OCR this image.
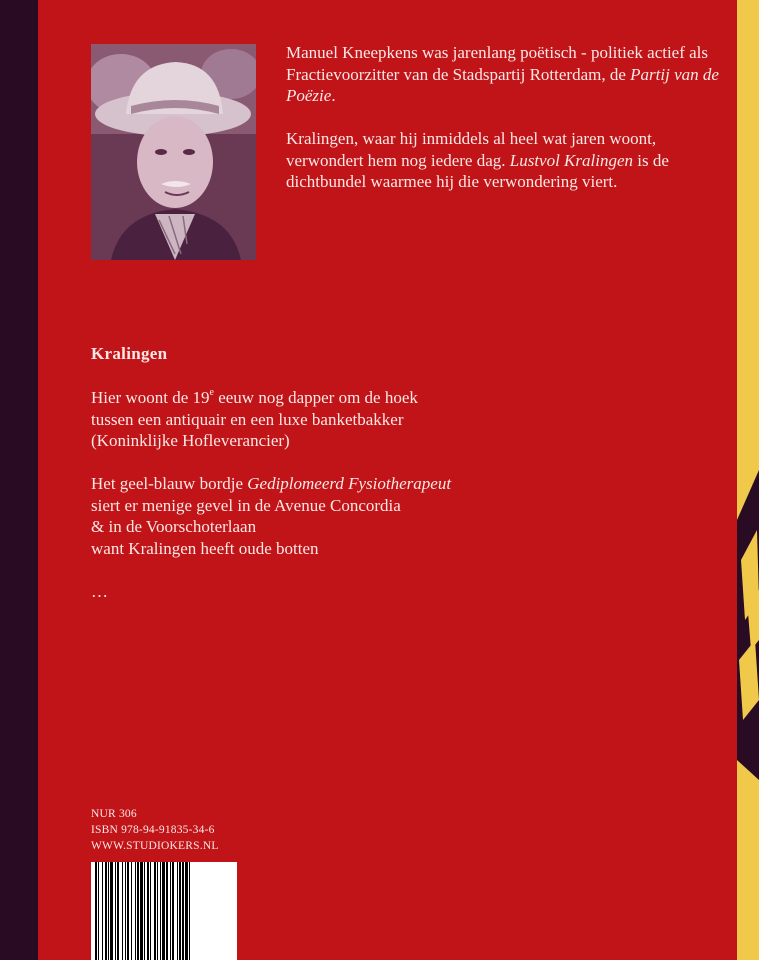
Manuel Kneepkens was jarenlang poëtisch - politiek actief als Fractievoorzitter van de Stadspartij Rotterdam, de Partij van de Poëzie.

Kralingen, waar hij inmiddels al heel wat jaren woont, verwondert hem nog iedere dag. Lustvol Kralingen is de dichtbundel waarmee hij die verwondering viert.

Kralingen
Hier woont de 19e eeuw nog dapper om de hoek
tussen een antiquair en een luxe banketbakker
(Koninklijke Hofleverancier)
Het geel-blauw bordje Gediplomeerd Fysiotherapeut
siert er menige gevel in de Avenue Concordia
& in de Voorschoterlaan
want Kralingen heeft oude botten
…
NUR 306
ISBN 978-94-91835-34-6
WWW.STUDIOKERS.NL
